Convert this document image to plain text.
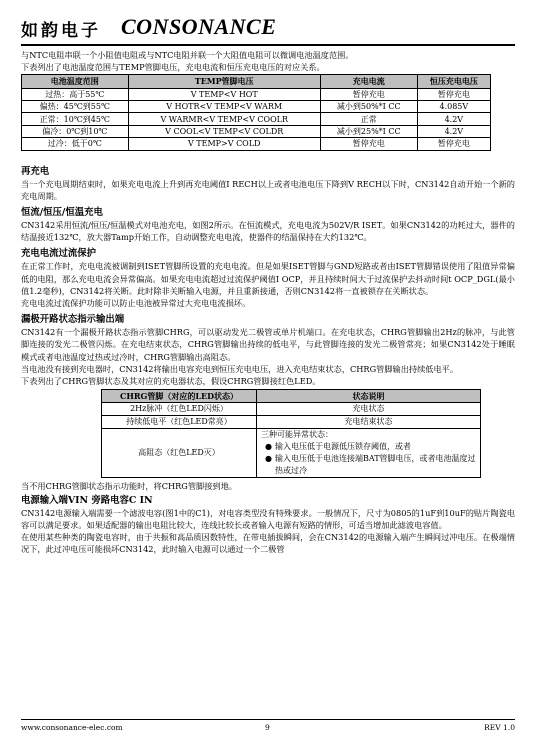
如韵电子 CONSONANCE

与NTC电阻串联一个小阻值电阻或与NTC电阻并联一个大阻值电阻可以微调电池温度范围。

下表列出了电池温度范围与TEMP管脚电压，充电电流和恒压充电电压的对应关系。

电池温度范围	TEMP管脚电压	充电电流	恒压充电电压
过热：高于55℃	V TEMP<V HOT	暂停充电	暂停充电
偏热：45℃到55℃	V HOTR<V TEMP<V WARM	减小到50%*I CC	4.085V
正常：10℃到45℃	V WARMR<V TEMP<V COOLR	正常	4.2V
偏冷：0℃到10℃	V COOL<V TEMP<V COLDR	减小到25%*I CC	4.2V
过冷：低于0℃	V TEMP>V COLD	暂停充电	暂停充电
再充电

当一个充电周期结束时，如果充电电流上升到再充电阈值I RECH以上或者电池电压下降到V RECH以下时，CN3142自动开始一个新的充电周期。

恒流/恒压/恒温充电

CN3142采用恒流/恒压/恒温模式对电池充电，如图2所示。在恒流模式，充电电流为502V/R ISET。如果CN3142的功耗过大，器件的结温接近132℃，放大器Tamp开始工作，自动调整充电电流，使器件的结温保持在大约132℃。

充电电流过流保护

在正常工作时，充电电流被调制到ISET管脚所设置的充电电流。但是如果ISET管脚与GND短路或者由ISET管脚错误使用了阻值异常偏低的电阻，那么充电电流会异常偏高。如果充电电流超过过流保护阈值I OCP，并且持续时间大于过流保护去抖动时间t OCP_DGL(最小值1.2毫秒)，CN3142将关断。此时除非关断输入电源，并且重新接通，否则CN3142将一直被锁存在关断状态。

充电电流过流保护功能可以防止电池被异常过大充电电流损坏。

漏极开路状态指示输出端

CN3142有一个漏极开路状态指示管脚CHRG，可以驱动发光二极管或单片机端口。在充电状态，CHRG管脚输出2Hz的脉冲，与此管脚连接的发光二极管闪烁。在充电结束状态，CHRG管脚输出持续的低电平，与此管脚连接的发光二极管常亮；如果CN3142处于睡眠模式或者电池温度过热或过冷时，CHRG管脚输出高阻态。

当电池没有接到充电器时，CN3142将输出电容充电到恒压充电电压，进入充电结束状态，CHRG管脚输出持续低电平。

下表列出了CHRG管脚状态及其对应的充电器状态，假设CHRG管脚接红色LED。

CHRG管脚（对应的LED状态）	状态说明
2Hz脉冲（红色LED闪烁）	充电状态
持续低电平（红色LED常亮）	充电结束状态
高阻态（红色LED灭）	三种可能异常状态：
● 输入电压低于电源低压锁存阈值，或者
● 输入电压低于电池连接端BAT管脚电压，或者电池温度过热或过冷

当不用CHRG管脚状态指示功能时，将CHRG管脚接到地。

电源输入端VIN 旁路电容C IN

CN3142电源输入端需要一个滤波电容(图1中的C1)，对电容类型没有特殊要求。一般情况下，尺寸为0805的1uF到10uF的贴片陶瓷电容可以满足要求。如果适配器的输出电阻比较大，连线比较长或者输入电源有短路的情形，可适当增加此滤波电容值。

在使用某些种类的陶瓷电容时，由于共振和高品质因数特性，在带电插拔瞬间，会在CN3142的电源输入端产生瞬间过冲电压。在极端情况下，此过冲电压可能损坏CN3142，此时输入电源可以通过一个二极管

www.consonance-elec.com	9	REV 1.0
